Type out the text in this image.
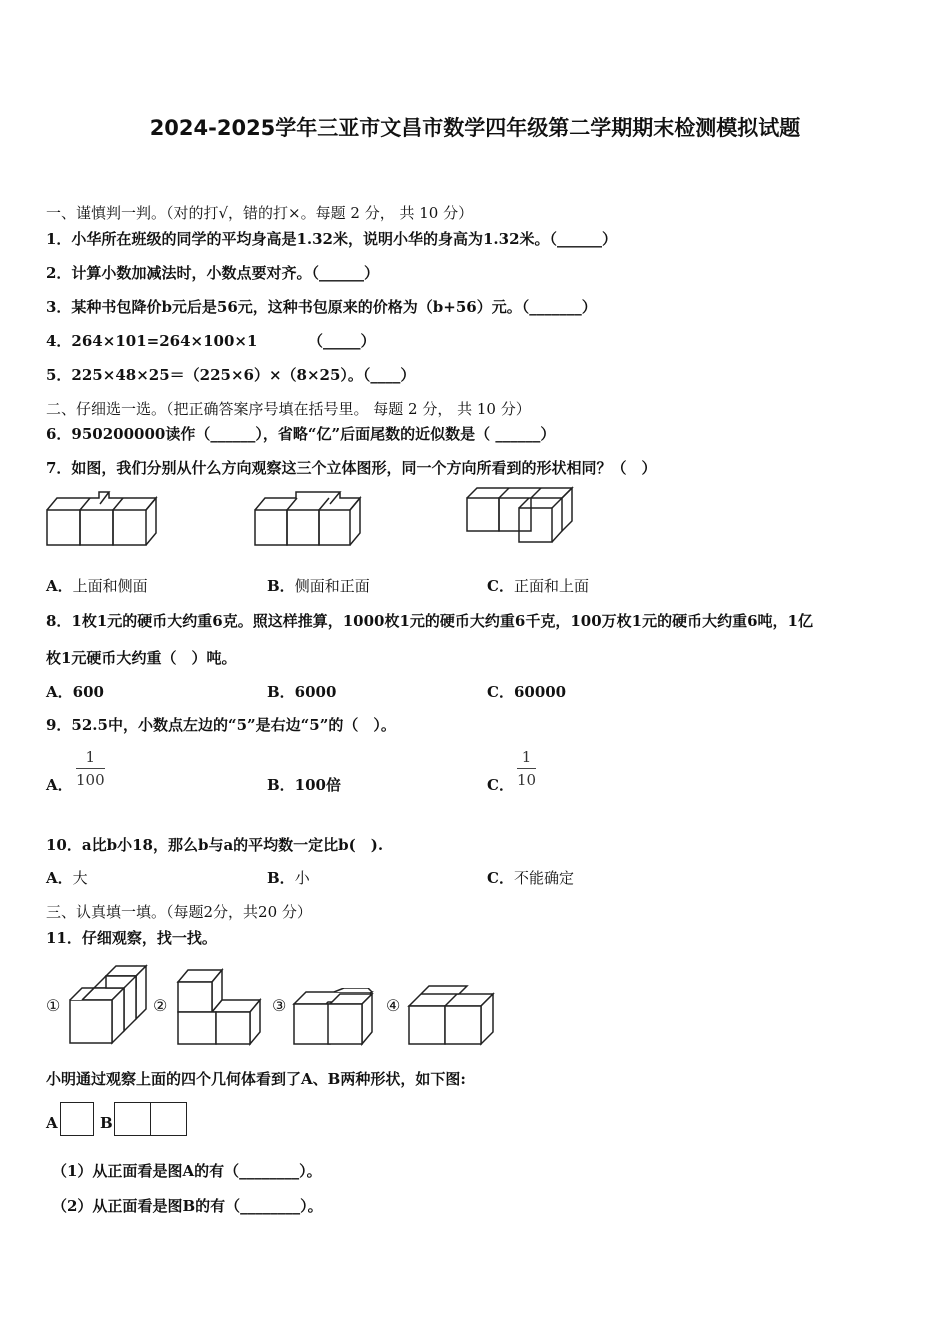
2024-2025学年三亚市文昌市数学四年级第二学期期末检测模拟试题
一、谨慎判一判。（对的打√，错的打×。每题 2 分， 共 10 分）
1．小华所在班级的同学的平均身高是1.32米，说明小华的身高为1.32米。（______）
2．计算小数加减法时，小数点要对齐。（______）
3．某种书包降价b元后是56元，这种书包原来的价格为（b+56）元。（_______）
4．264×101=264×100×1	（_____）
5．225×48×25＝（225×6）×（8×25）。（____）
二、仔细选一选。（把正确答案序号填在括号里。 每题 2 分， 共 10 分）
6．950200000读作（______），省略“亿”后面尾数的近似数是（ ______）
7．如图，我们分别从什么方向观察这三个立体图形，同一个方向所看到的形状相同？（　）
A．上面和侧面	B．侧面和正面	C．正面和上面
8．1枚1元的硬币大约重6克。照这样推算，1000枚1元的硬币大约重6千克，100万枚1元的硬币大约重6吨，1亿
枚1元硬币大约重（　）吨。
A．600	B．6000	C．60000
9．52.5中，小数点左边的“5”是右边“5”的（　）。
A．
1
100	B．100倍	C．
1
10
10．a比b小18，那么b与a的平均数一定比b(　).
A．大	B．小	C．不能确定
三、认真填一填。（每题2分，共20 分）
11．仔细观察，找一找。
①	②	③	④
小明通过观察上面的四个几何体看到了A、B两种形状，如下图:
A	B
（1）从正面看是图A的有（________）。
（2）从正面看是图B的有（________）。
